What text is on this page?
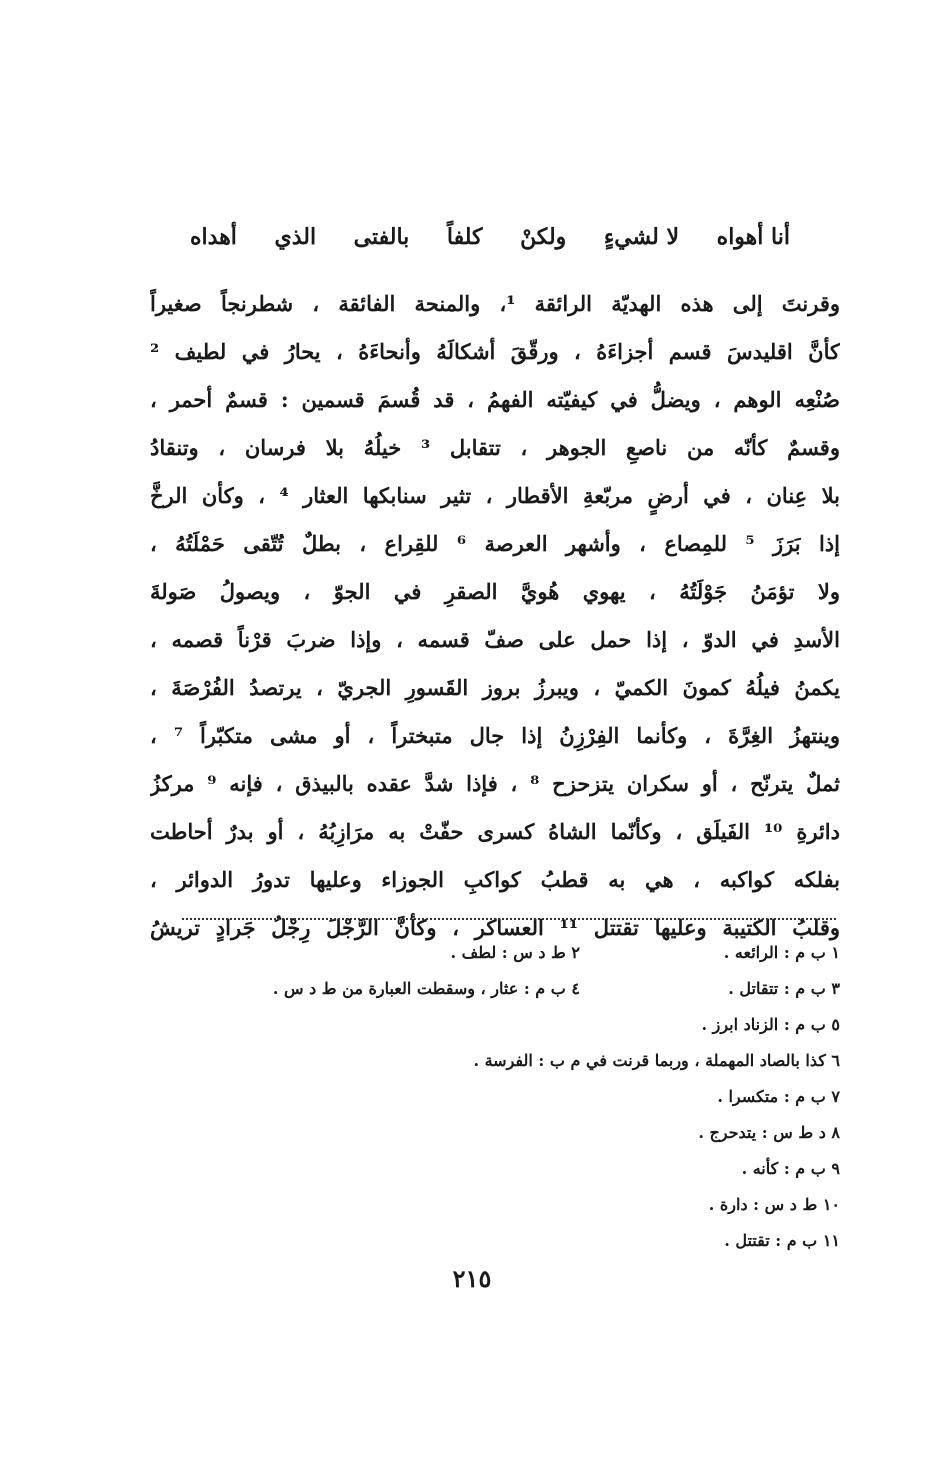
أنا أهواه
لا لشيءٍ
ولكنْ
كلفاً
بالفتى
الذي
أهداه
وقرنتَ إلى هذه الهديّة الرائقة ¹، والمنحة الفائقة ، شطرنجاً صغيراً
كأنَّ اقليدسَ قسم أجزاءَهُ ، ورقّقَ أشكالَهُ وأنحاءَهُ ، يحارُ في لطيف ²
صُنْعِه الوهم ، ويضلُّ في كيفيّته الفهمُ ، قد قُسمَ قسمين : قسمٌ أحمر ،
وقسمٌ كأنّه من ناصعِ الجوهر ، تتقابل ³ خيلُهُ بلا فرسان ، وتنقادُ
بلا عِنان ، في أرضٍ مربّعةِ الأقطار ، تثير سنابكها العثار ⁴ ، وكأن الرخَّ
إذا بَرَزَ ⁵ للمِصاع ، وأشهر العرصة ⁶ للقِراع ، بطلٌ تُتّقى حَمْلَتُهُ ،
ولا تؤمَنُ جَوْلَتُهُ ، يهوي هُويَّ الصقرِ في الجوّ ، ويصولُ صَولةَ
الأسدِ في الدوّ ، إذا حمل على صفّ قسمه ، وإذا ضربَ قرْناً قصمه ،
يكمنُ فيلُهُ كمونَ الكميّ ، ويبرزُ بروز القَسورِ الجريّ ، يرتصدُ الفُرْصَةَ ،
وينتهزُ الغِرَّةَ ، وكأنما الفِرْزِنُ إذا جال متبختراً ، أو مشى متكبّراً ⁷ ،
ثملٌ يترنّح ، أو سكران يتزحزح ⁸ ، فإذا شدَّ عقده بالبيذق ، فإنه ⁹ مركزُ
دائرةِ ¹⁰ الفَيلَق ، وكأنّما الشاهُ كسرى حفّتْ به مرَازِبُهُ ، أو بدرٌ أحاطت
بفلكه كواكبه ، هي به قطبُ كواكبِ الجوزاء وعليها تدورُ الدوائر ،
وقلبُ الكتيبة وعليها تقتتل ¹¹ العساكر ، وكأنَّ الرَّجْلَ رِجْلُ جَرادٍ تريشُ
١ ب م : الرائعه .
٢ ط د س : لطف .
٣ ب م : تتقاتل .
٤ ب م : عثار ، وسقطت العبارة من ط د س .
٥ ب م : الزناد ابرز .
٦ كذا بالصاد المهملة ، وربما قرنت في م ب : الفرسة .
٧ ب م : متكسرا .
٨ د ط س : يتدحرج .
٩ ب م : كأنه .
١٠ ط د س : دارة .
١١ ب م : تقتتل .
٢١٥
